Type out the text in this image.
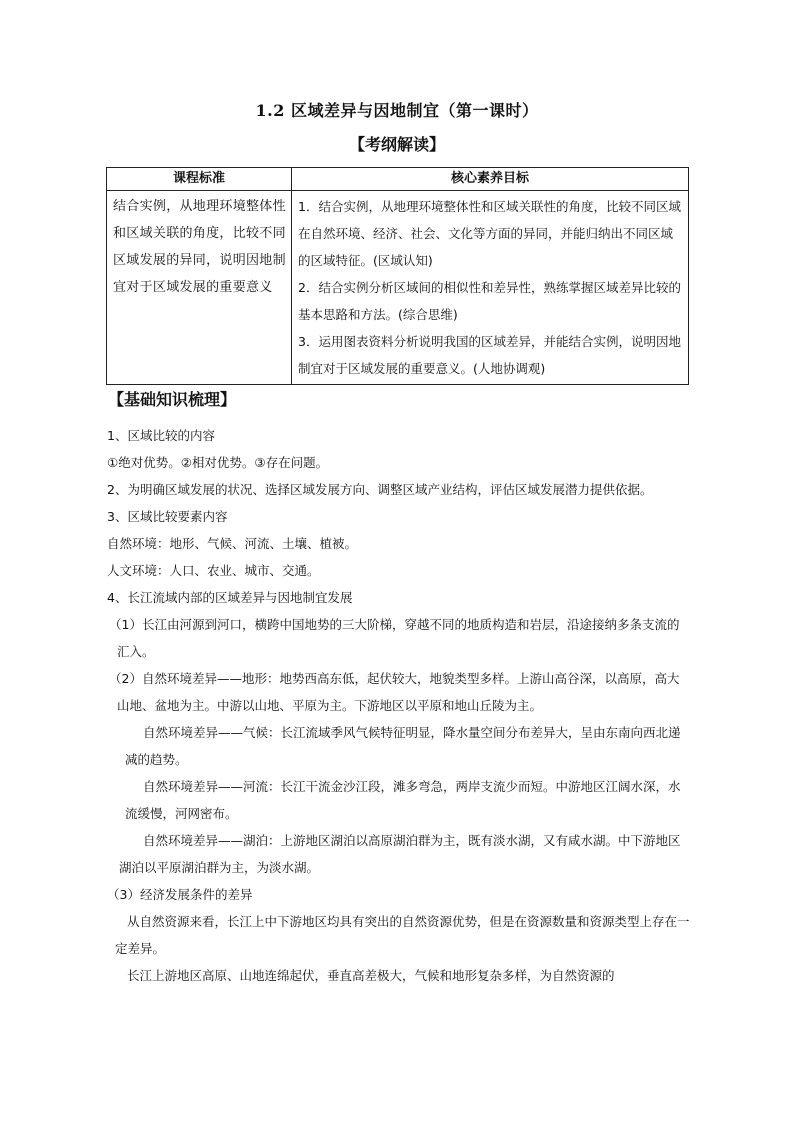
1.2 区域差异与因地制宜（第一课时）
【考纲解读】
课程标准	核心素养目标
结合实例，从地理环境整体性和区域关联的角度，比较不同区域发展的异同，说明因地制宜对于区域发展的重要意义	1．结合实例，从地理环境整体性和区域关联性的角度，比较不同区域在自然环境、经济、社会、文化等方面的异同，并能归纳出不同区域的区域特征。(区域认知)

2．结合实例分析区域间的相似性和差异性，熟练掌握区域差异比较的基本思路和方法。(综合思维)

3．运用图表资料分析说明我国的区域差异，并能结合实例，说明因地制宜对于区域发展的重要意义。(人地协调观)

【基础知识梳理】

1、区域比较的内容

①绝对优势。②相对优势。③存在问题。

2、为明确区域发展的状况、选择区域发展方向、调整区域产业结构，评估区域发展潜力提供依据。

3、区域比较要素内容

自然环境：地形、气候、河流、土壤、植被。

人文环境：人口、农业、城市、交通。

4、长江流域内部的区域差异与因地制宜发展

（1）长江由河源到河口，横跨中国地势的三大阶梯，穿越不同的地质构造和岩层，沿途接纳多条支流的汇入。

（2）自然环境差异——地形：地势西高东低，起伏较大，地貌类型多样。上游山高谷深，以高原，高大山地、盆地为主。中游以山地、平原为主。下游地区以平原和地山丘陵为主。

自然环境差异——气候：长江流域季风气候特征明显，降水量空间分布差异大，呈由东南向西北递减的趋势。

自然环境差异——河流：长江干流金沙江段，滩多弯急，两岸支流少而短。中游地区江阔水深，水流缓慢，河网密布。

自然环境差异——湖泊：上游地区湖泊以高原湖泊群为主，既有淡水湖，又有咸水湖。中下游地区湖泊以平原湖泊群为主，为淡水湖。

（3）经济发展条件的差异

从自然资源来看，长江上中下游地区均具有突出的自然资源优势，但是在资源数量和资源类型上存在一定差异。

长江上游地区高原、山地连绵起伏，垂直高差极大，气候和地形复杂多样，为自然资源的
